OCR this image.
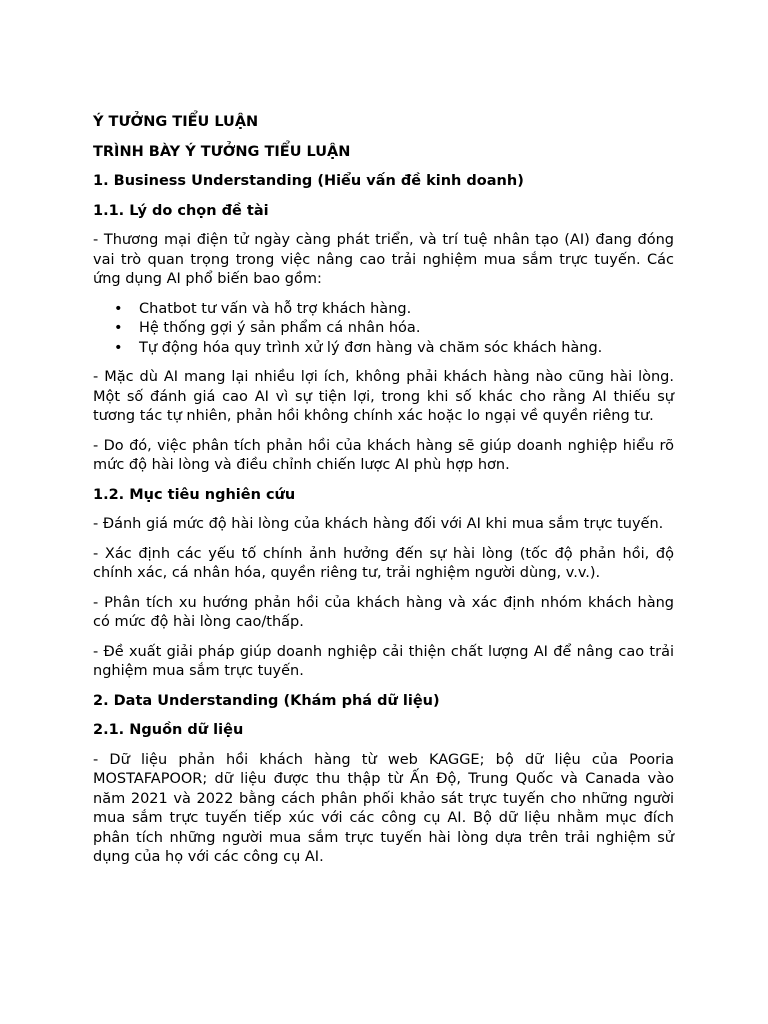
Ý TƯỞNG TIỂU LUẬN
TRÌNH BÀY Ý TƯỞNG TIỂU LUẬN
1. Business Understanding (Hiểu vấn đề kinh doanh)
1.1. Lý do chọn đề tài

- Thương mại điện tử ngày càng phát triển, và trí tuệ nhân tạo (AI) đang đóng vai trò quan trọng trong việc nâng cao trải nghiệm mua sắm trực tuyến. Các ứng dụng AI phổ biến bao gồm:

• Chatbot tư vấn và hỗ trợ khách hàng.
• Hệ thống gợi ý sản phẩm cá nhân hóa.
• Tự động hóa quy trình xử lý đơn hàng và chăm sóc khách hàng.

- Mặc dù AI mang lại nhiều lợi ích, không phải khách hàng nào cũng hài lòng. Một số đánh giá cao AI vì sự tiện lợi, trong khi số khác cho rằng AI thiếu sự tương tác tự nhiên, phản hồi không chính xác hoặc lo ngại về quyền riêng tư.

- Do đó, việc phân tích phản hồi của khách hàng sẽ giúp doanh nghiệp hiểu rõ mức độ hài lòng và điều chỉnh chiến lược AI phù hợp hơn.

1.2. Mục tiêu nghiên cứu

- Đánh giá mức độ hài lòng của khách hàng đối với AI khi mua sắm trực tuyến.

- Xác định các yếu tố chính ảnh hưởng đến sự hài lòng (tốc độ phản hồi, độ chính xác, cá nhân hóa, quyền riêng tư, trải nghiệm người dùng, v.v.).

- Phân tích xu hướng phản hồi của khách hàng và xác định nhóm khách hàng có mức độ hài lòng cao/thấp.

- Đề xuất giải pháp giúp doanh nghiệp cải thiện chất lượng AI để nâng cao trải nghiệm mua sắm trực tuyến.

2. Data Understanding (Khám phá dữ liệu)
2.1. Nguồn dữ liệu

- Dữ liệu phản hồi khách hàng từ web KAGGE; bộ dữ liệu của Pooria MOSTAFAPOOR; dữ liệu được thu thập từ Ấn Độ, Trung Quốc và Canada vào năm 2021 và 2022 bằng cách phân phối khảo sát trực tuyến cho những người mua sắm trực tuyến tiếp xúc với các công cụ AI. Bộ dữ liệu nhằm mục đích phân tích những người mua sắm trực tuyến hài lòng dựa trên trải nghiệm sử dụng của họ với các công cụ AI.
